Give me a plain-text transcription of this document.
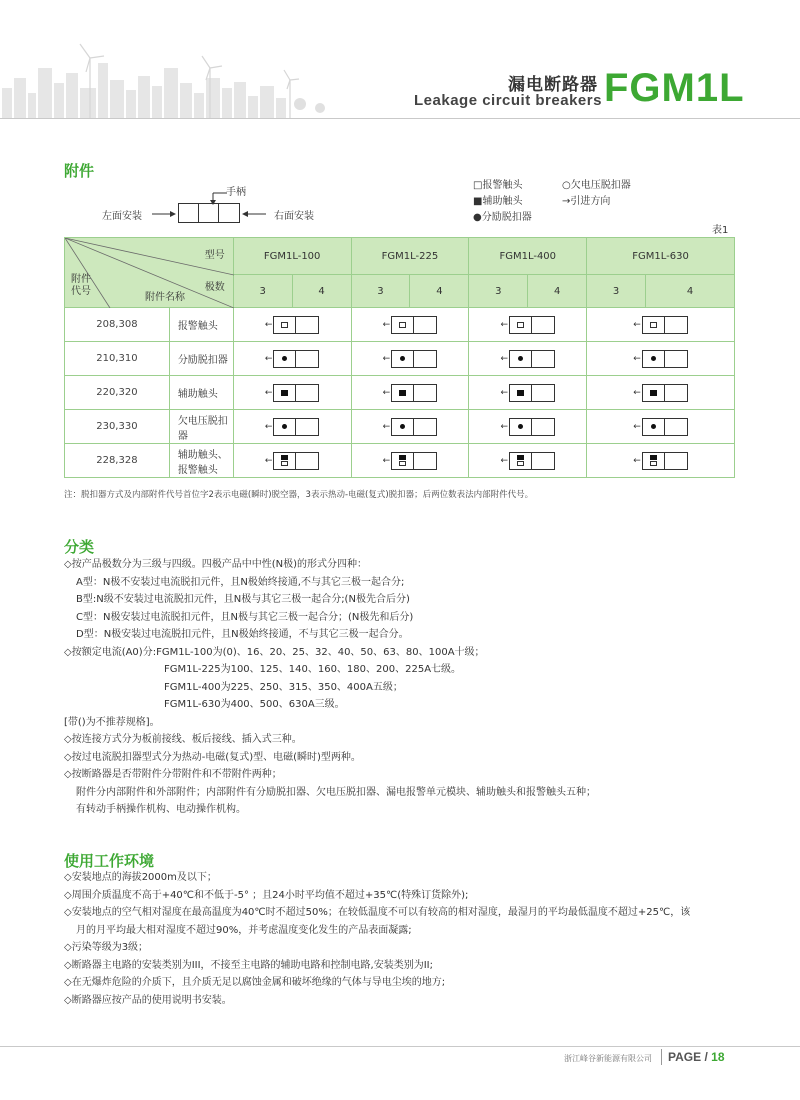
漏电断路器
Leakage circuit breakers FGM1L
附件
手柄
左面安装	右面安装
□报警触头
■辅助触头
●分励脱扣器
○欠电压脱扣器
→引进方向
表1
型号
极数
附件名称
附件
代号		FGM1L-100		FGM1L-225		FGM1L-400		FGM1L-630	
		3	4	3	4	3	4	3	4
208,308	报警触头	←		←		←		←	

210,310	分励脱扣器	←		←		←		←	

220,320	辅助触头	←		←		←		←	

230,330	欠电压脱扣器	←		←		←		←	

228,328	辅助触头、报警触头	←		←		←		←	
注：脱扣器方式及内部附件代号首位字2表示电磁(瞬时)脱空器，3表示热动-电磁(复式)脱扣器；后两位数表法内部附件代号。
分类
◇按产品极数分为三级与四级。四极产品中中性(N极)的形式分四种：
A型：N极不安装过电流脱扣元件，且N极始终接通,不与其它三极一起合分;
B型:N级不安装过电流脱扣元件，且N极与其它三极一起合分;(N极先合后分)
C型：N极安装过电流脱扣元件，且N极与其它三极一起合分；(N极先和后分)
D型：N极安装过电流脱扣元件，且N极始终接通，不与其它三极一起合分。
◇按额定电流(A0)分:FGM1L-100为(0)、16、20、25、32、40、50、63、80、100A十级；
FGM1L-225为100、125、140、160、180、200、225A七级。
FGM1L-400为225、250、315、350、400A五级；
FGM1L-630为400、500、630A三级。
[带()为不推荐规格]。
◇按连接方式分为板前接线、板后接线、插入式三种。
◇按过电流脱扣器型式分为热动-电磁(复式)型、电磁(瞬时)型两种。
◇按断路器是否带附件分带附件和不带附件两种；
附件分内部附件和外部附件；内部附件有分励脱扣器、欠电压脱扣器、漏电报警单元模块、辅助触头和报警触头五种；
有转动手柄操作机构、电动操作机构。
使用工作环境
◇安装地点的海拔2000m及以下；
◇周围介质温度不高于+40℃和不低于-5° ；且24小时平均值不超过+35℃(特殊订货除外);
◇安装地点的空气相对湿度在最高温度为40℃时不超过50%；在较低温度不可以有较高的相对湿度，最湿月的平均最低温度不超过+25℃，该
月的月平均最大相对湿度不超过90%，并考虑温度变化发生的产品表面凝露;
◇污染等级为3级；
◇断路器主电路的安装类别为III，不接至主电路的辅助电路和控制电路,安装类别为II;
◇在无爆炸危险的介质下，且介质无足以腐蚀金属和破坏绝缘的气体与导电尘埃的地方;
◇断路器应按产品的使用说明书安装。
浙江峰谷新能源有限公司 PAGE / 18
